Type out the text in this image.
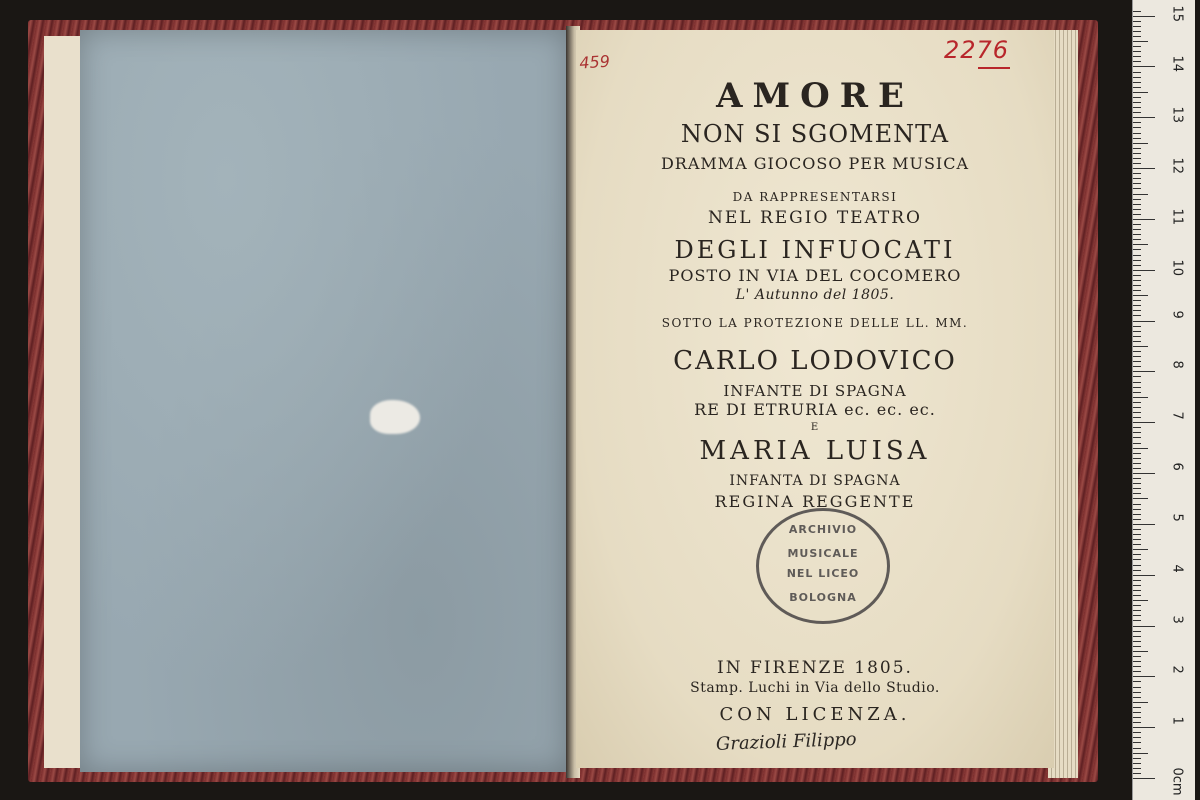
459	2276
AMORE
NON SI SGOMENTA
DRAMMA GIOCOSO PER MUSICA
DA RAPPRESENTARSI
NEL REGIO TEATRO
DEGLI INFUOCATI
POSTO IN VIA DEL COCOMERO
L' Autunno del 1805.
SOTTO LA PROTEZIONE DELLE LL. MM.
CARLO LODOVICO
INFANTE DI SPAGNA
RE DI ETRURIA ec. ec. ec.
E
MARIA LUISA
INFANTA DI SPAGNA
REGINA REGGENTE
ARCHIVIO
MUSICALE
NEL LICEO
BOLOGNA
IN FIRENZE 1805.
Stamp. Luchi in Via dello Studio.
CON LICENZA.
Grazioli Filippo
15
14
13
12
11
10
9
8
7
6
5
4
3
2
1
0cm
